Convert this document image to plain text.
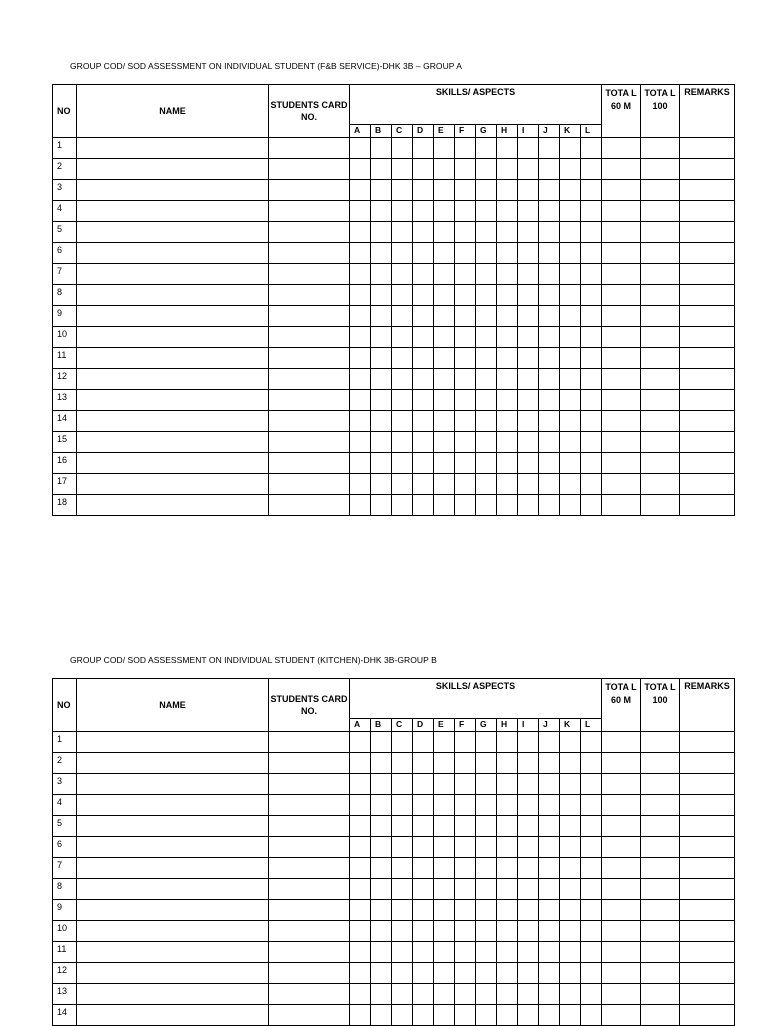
GROUP COD/ SOD ASSESSMENT ON INDIVIDUAL STUDENT (F&B SERVICE)-DHK 3B – GROUP A
NO	NAME	STUDENTS CARD NO.	SKILLS/ ASPECTS												TOTA L 60 M	TOTA L 100	REMARKS
			A	B	C	D	E	F	G	H	I	J	K	L			
1																	
2																	
3																	
4																	
5																	
6																	
7																	
8																	
9																	
10																	
11																	
12																	
13																	
14																	
15																	
16																	
17																	
18																	
GROUP COD/ SOD ASSESSMENT ON INDIVIDUAL STUDENT (KITCHEN)-DHK 3B-GROUP B
NO	NAME	STUDENTS CARD NO.	SKILLS/ ASPECTS												TOTA L 60 M	TOTA L 100	REMARKS
			A	B	C	D	E	F	G	H	I	J	K	L			
1																	
2																	
3																	
4																	
5																	
6																	
7																	
8																	
9																	
10																	
11																	
12																	
13																	
14																	
